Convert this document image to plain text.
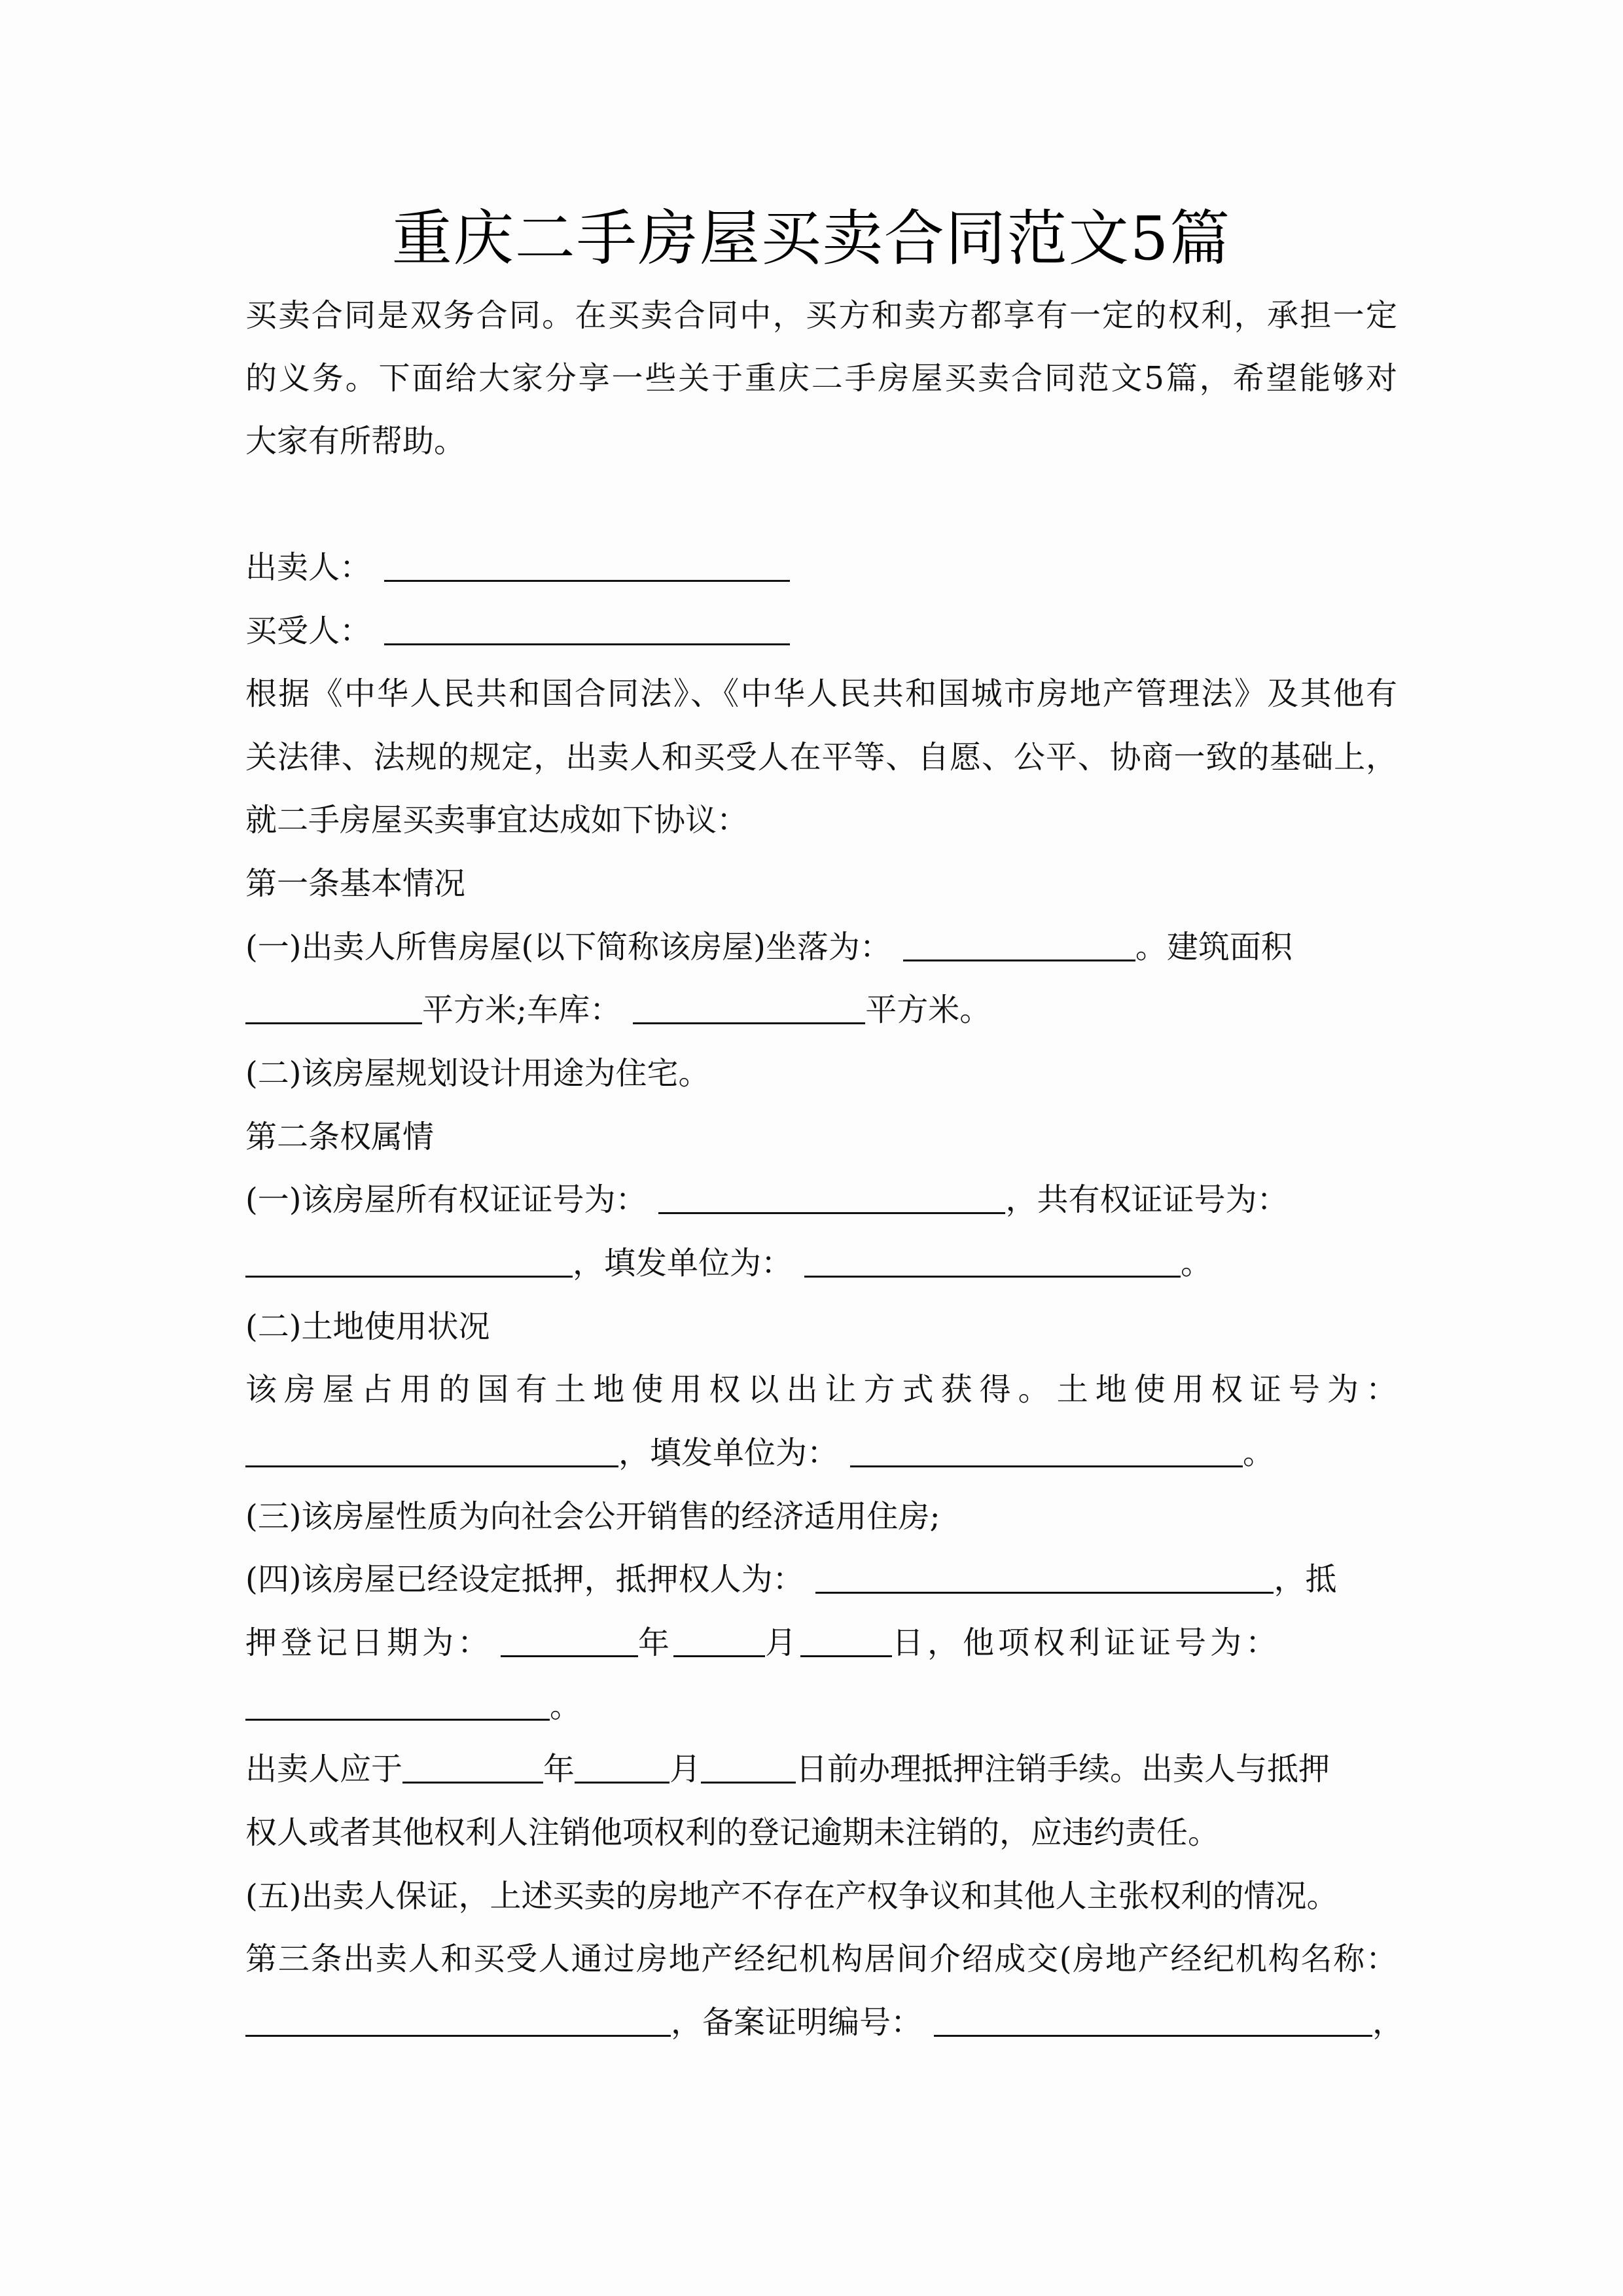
重庆二手房屋买卖合同范文5篇
买卖合同是双务合同。在买卖合同中，买方和卖方都享有一定的权利，承担一定
的义务。下面给大家分享一些关于重庆二手房屋买卖合同范文5篇，希望能够对
大家有所帮助。
出卖人：
买受人：
根据《中华人民共和国合同法》、《中华人民共和国城市房地产管理法》及其他有
关法律、法规的规定，出卖人和买受人在平等、自愿、公平、协商一致的基础上，
就二手房屋买卖事宜达成如下协议：
第一条基本情况
(一)出卖人所售房屋(以下简称该房屋)坐落为：	。建筑面积
平方米;车库：	平方米。
(二)该房屋规划设计用途为住宅。
第二条权属情
(一)该房屋所有权证证号为：	，共有权证证号为：
，填发单位为：	。
(二)土地使用状况
该房屋占用的国有土地使用权以出让方式获得。土地使用权证号为：
，填发单位为：	。
(三)该房屋性质为向社会公开销售的经济适用住房;
(四)该房屋已经设定抵押，抵押权人为：	，抵
押登记日期为：	年	月	日，他项权利证证号为：
。
出卖人应于	年	月	日前办理抵押注销手续。出卖人与抵押
权人或者其他权利人注销他项权利的登记逾期未注销的，应违约责任。
(五)出卖人保证，上述买卖的房地产不存在产权争议和其他人主张权利的情况。
第三条出卖人和买受人通过房地产经纪机构居间介绍成交(房地产经纪机构名称：
，备案证明编号：	，
